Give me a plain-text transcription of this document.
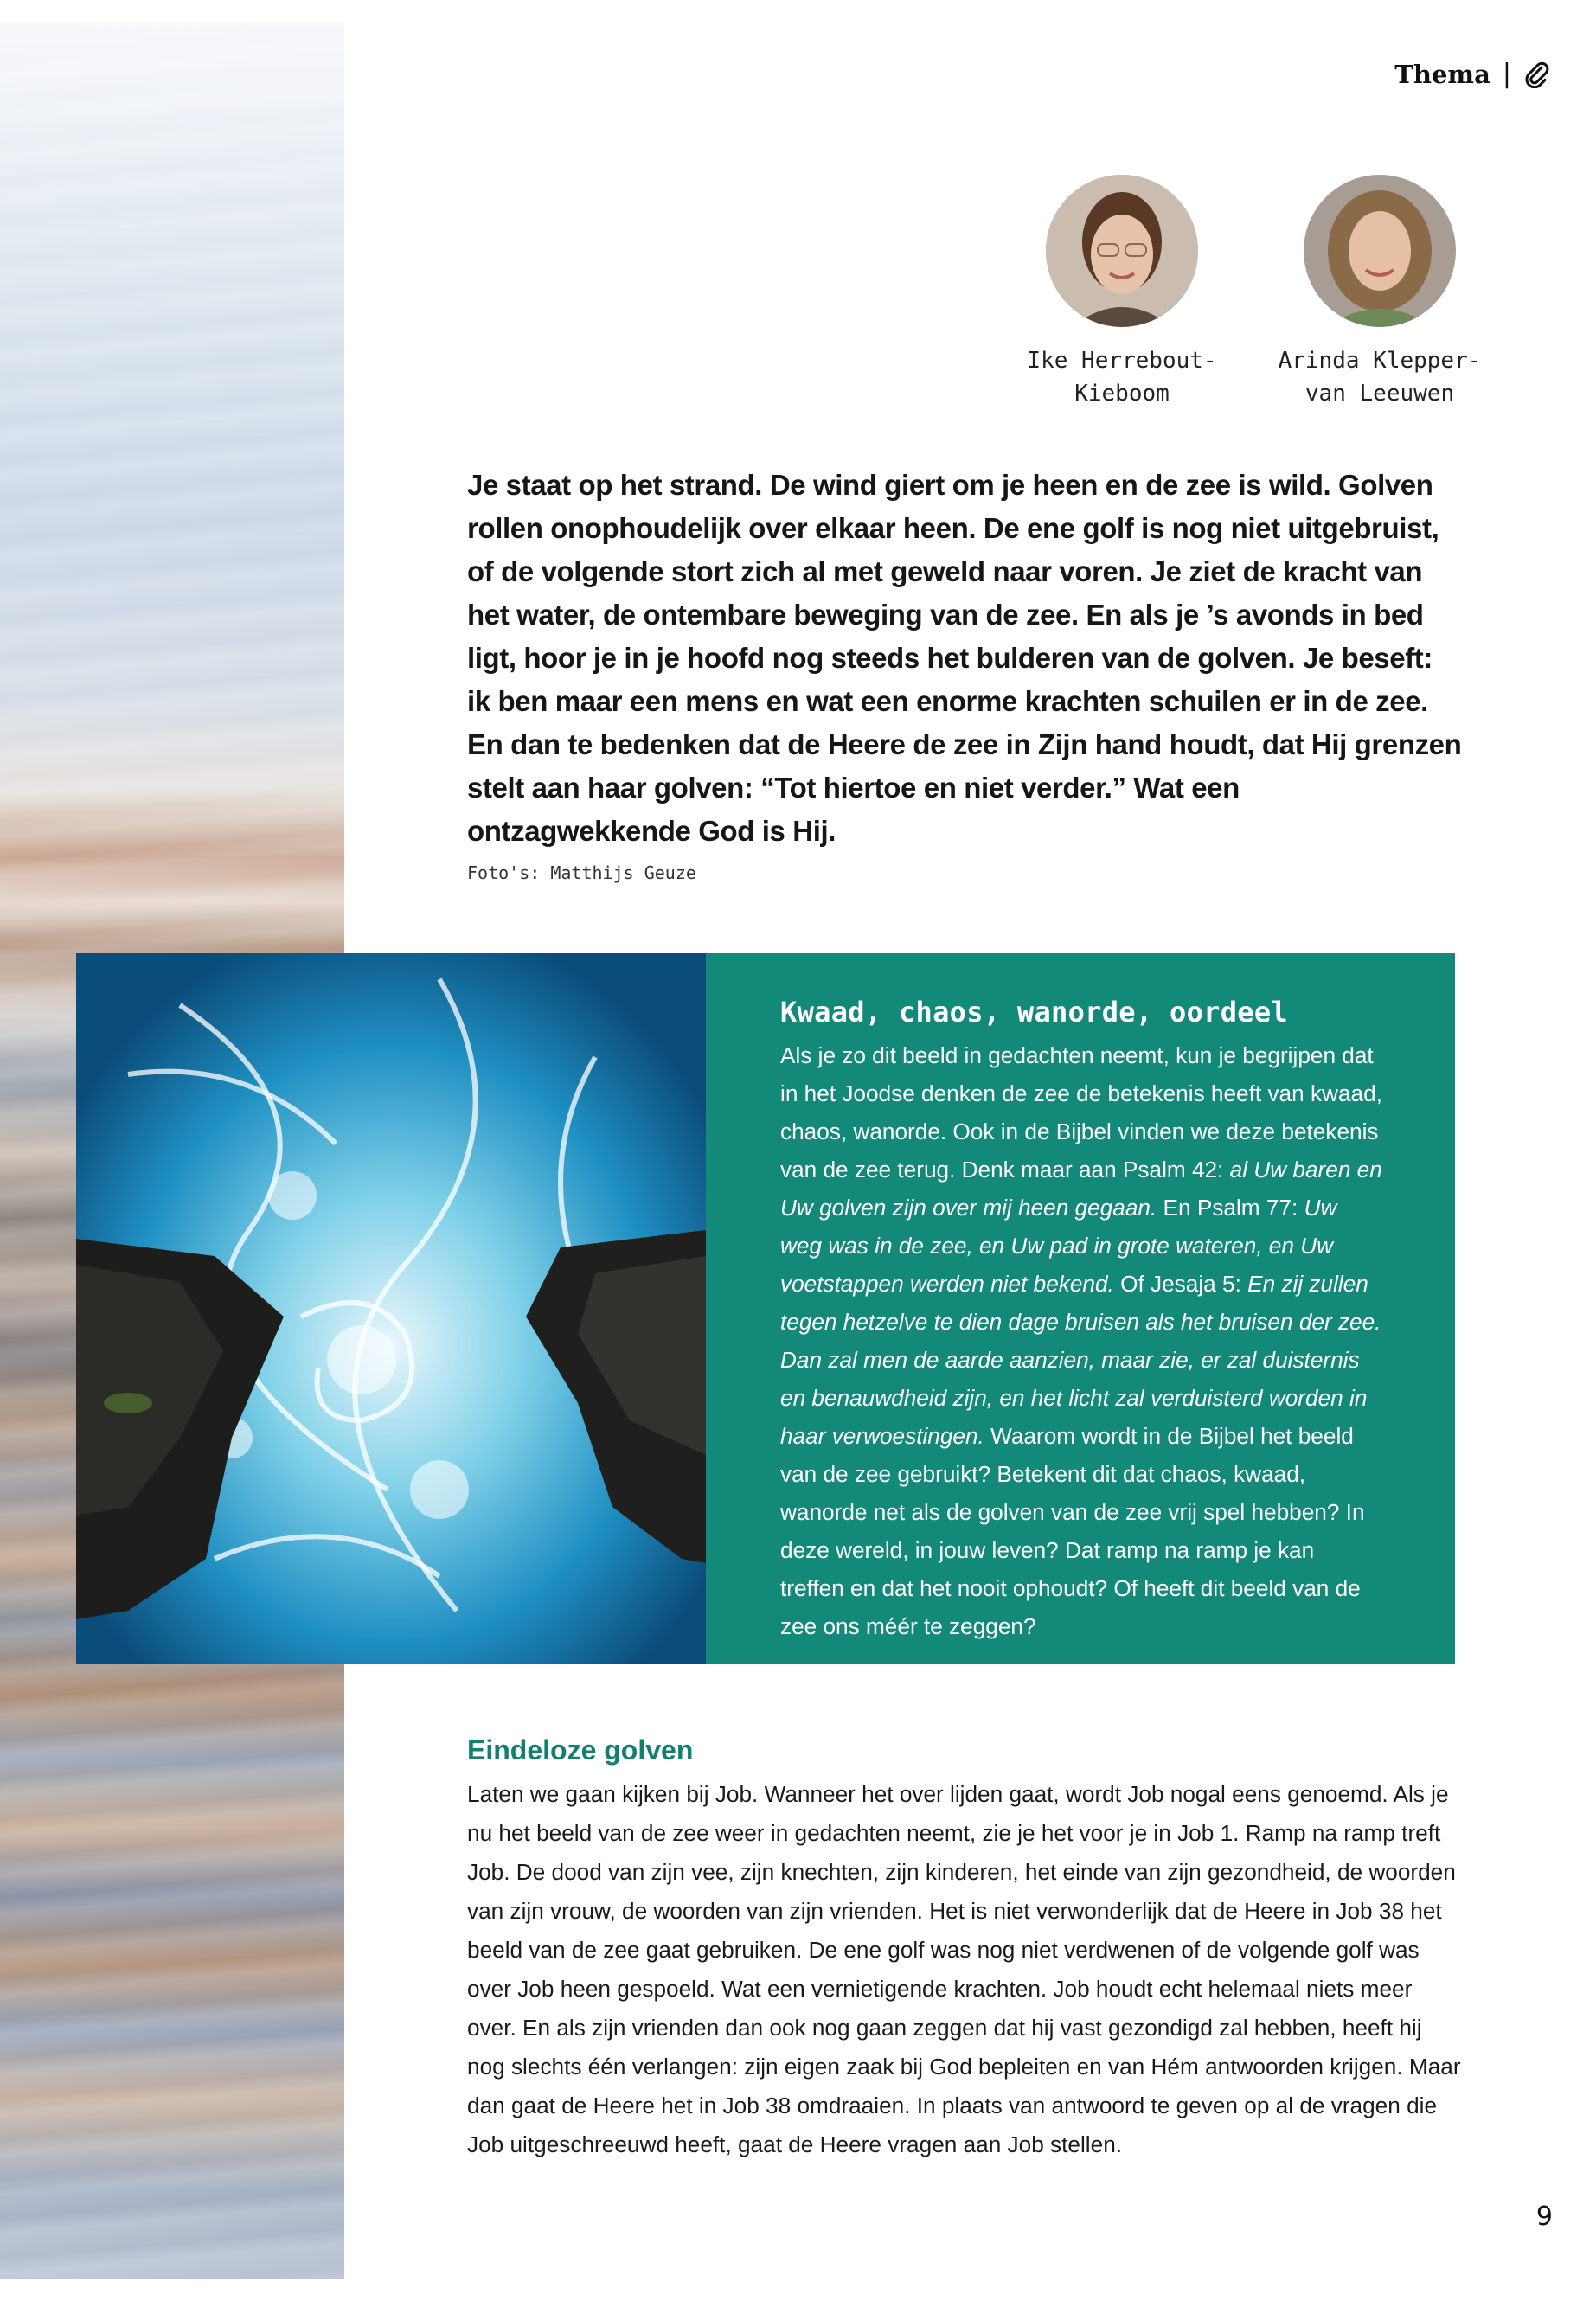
Thema |
Ike Herrebout-
Kieboom
Arinda Klepper-
van Leeuwen
Je staat op het strand. De wind giert om je heen en de zee is wild. Golven rollen onophoudelijk over elkaar heen. De ene golf is nog niet uitgebruist, of de volgende stort zich al met geweld naar voren. Je ziet de kracht van het water, de ontembare beweging van de zee. En als je ’s avonds in bed ligt, hoor je in je hoofd nog steeds het bulderen van de golven. Je beseft: ik ben maar een mens en wat een enorme krachten schuilen er in de zee. En dan te bedenken dat de Heere de zee in Zijn hand houdt, dat Hij grenzen stelt aan haar golven: “Tot hiertoe en niet verder.” Wat een ontzagwekkende God is Hij.
Foto's: Matthijs Geuze
Kwaad, chaos, wanorde, oordeel
Als je zo dit beeld in gedachten neemt, kun je begrijpen dat in het Joodse denken de zee de betekenis heeft van kwaad, chaos, wanorde. Ook in de Bijbel vinden we deze betekenis van de zee terug. Denk maar aan Psalm 42: al Uw baren en Uw golven zijn over mij heen gegaan. En Psalm 77: Uw weg was in de zee, en Uw pad in grote wateren, en Uw voetstappen werden niet bekend. Of Jesaja 5: En zij zullen tegen hetzelve te dien dage bruisen als het bruisen der zee. Dan zal men de aarde aanzien, maar zie, er zal duisternis en benauwdheid zijn, en het licht zal verduisterd worden in haar verwoestingen. Waarom wordt in de Bijbel het beeld van de zee gebruikt? Betekent dit dat chaos, kwaad, wanorde net als de golven van de zee vrij spel hebben? In deze wereld, in jouw leven? Dat ramp na ramp je kan treffen en dat het nooit ophoudt? Of heeft dit beeld van de zee ons méér te zeggen?
Eindeloze golven
Laten we gaan kijken bij Job. Wanneer het over lijden gaat, wordt Job nogal eens genoemd. Als je nu het beeld van de zee weer in gedachten neemt, zie je het voor je in Job 1. Ramp na ramp treft Job. De dood van zijn vee, zijn knechten, zijn kinderen, het einde van zijn gezondheid, de woorden van zijn vrouw, de woorden van zijn vrienden. Het is niet verwonderlijk dat de Heere in Job 38 het beeld van de zee gaat gebruiken. De ene golf was nog niet verdwenen of de volgende golf was over Job heen gespoeld. Wat een vernietigende krachten. Job houdt echt helemaal niets meer over. En als zijn vrienden dan ook nog gaan zeggen dat hij vast gezondigd zal hebben, heeft hij nog slechts één verlangen: zijn eigen zaak bij God bepleiten en van Hém antwoorden krijgen. Maar dan gaat de Heere het in Job 38 omdraaien. In plaats van antwoord te geven op al de vragen die Job uitgeschreeuwd heeft, gaat de Heere vragen aan Job stellen.
9
